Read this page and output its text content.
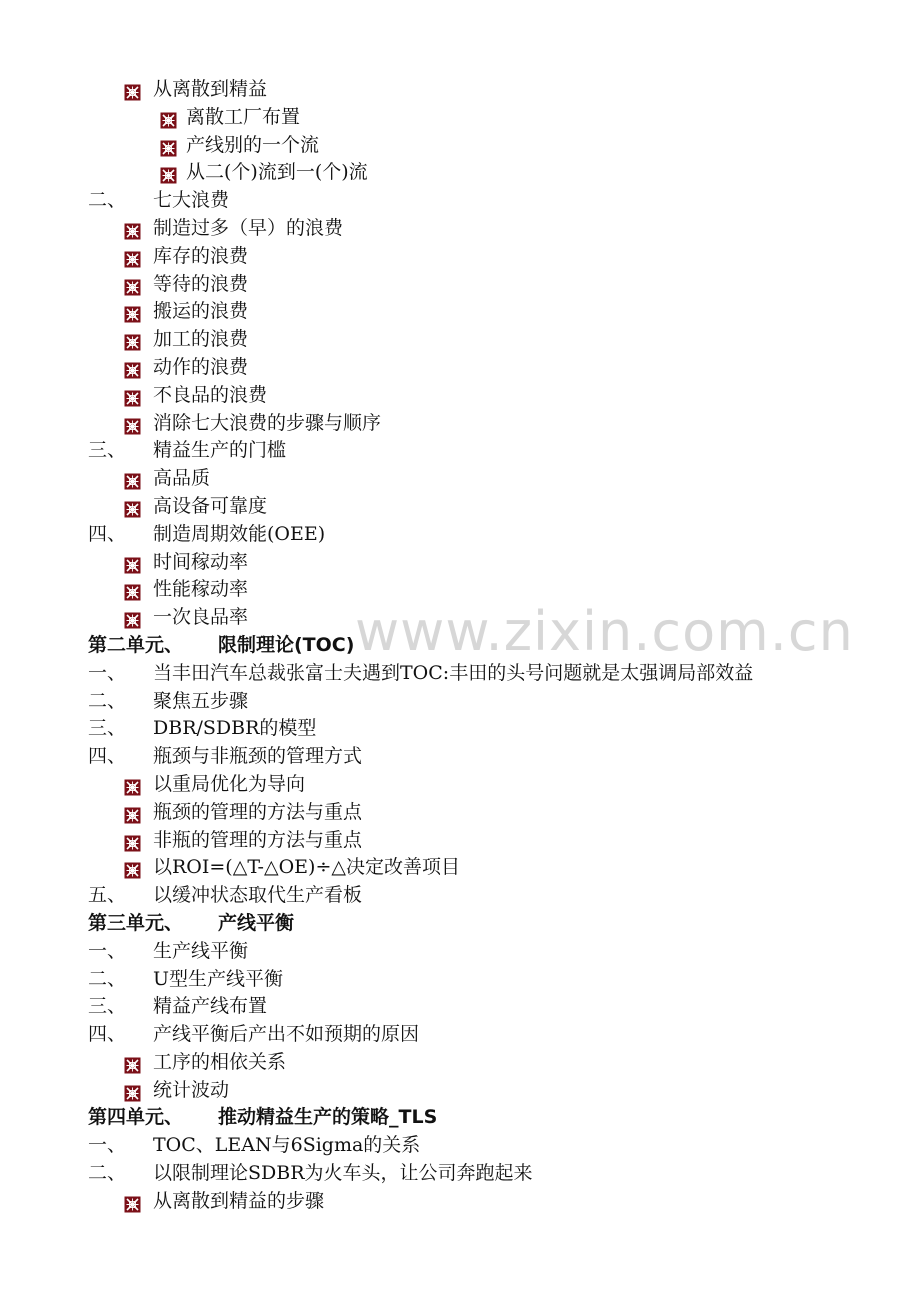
从离散到精益
离散工厂布置
产线别的一个流
从二(个)流到一(个)流
二、 七大浪费
制造过多（早）的浪费
库存的浪费
等待的浪费
搬运的浪费
加工的浪费
动作的浪费
不良品的浪费
消除七大浪费的步骤与顺序
三、 精益生产的门槛
高品质
高设备可靠度
四、 制造周期效能(OEE)
时间稼动率
性能稼动率
一次良品率
第二单元、 限制理论(TOC)
一、 当丰田汽车总裁张富士夫遇到TOC:丰田的头号问题就是太强调局部效益
二、 聚焦五步骤
三、 DBR/SDBR的模型
四、 瓶颈与非瓶颈的管理方式
以重局优化为导向
瓶颈的管理的方法与重点
非瓶的管理的方法与重点
以ROI=(△T-△OE)÷△决定改善项目
五、 以缓冲状态取代生产看板
第三单元、 产线平衡
一、 生产线平衡
二、 U型生产线平衡
三、 精益产线布置
四、 产线平衡后产出不如预期的原因
工序的相依关系
统计波动
第四单元、 推动精益生产的策略_TLS
一、 TOC、LEAN与6Sigma的关系
二、 以限制理论SDBR为火车头，让公司奔跑起来
从离散到精益的步骤
www.zixin.com.cn
